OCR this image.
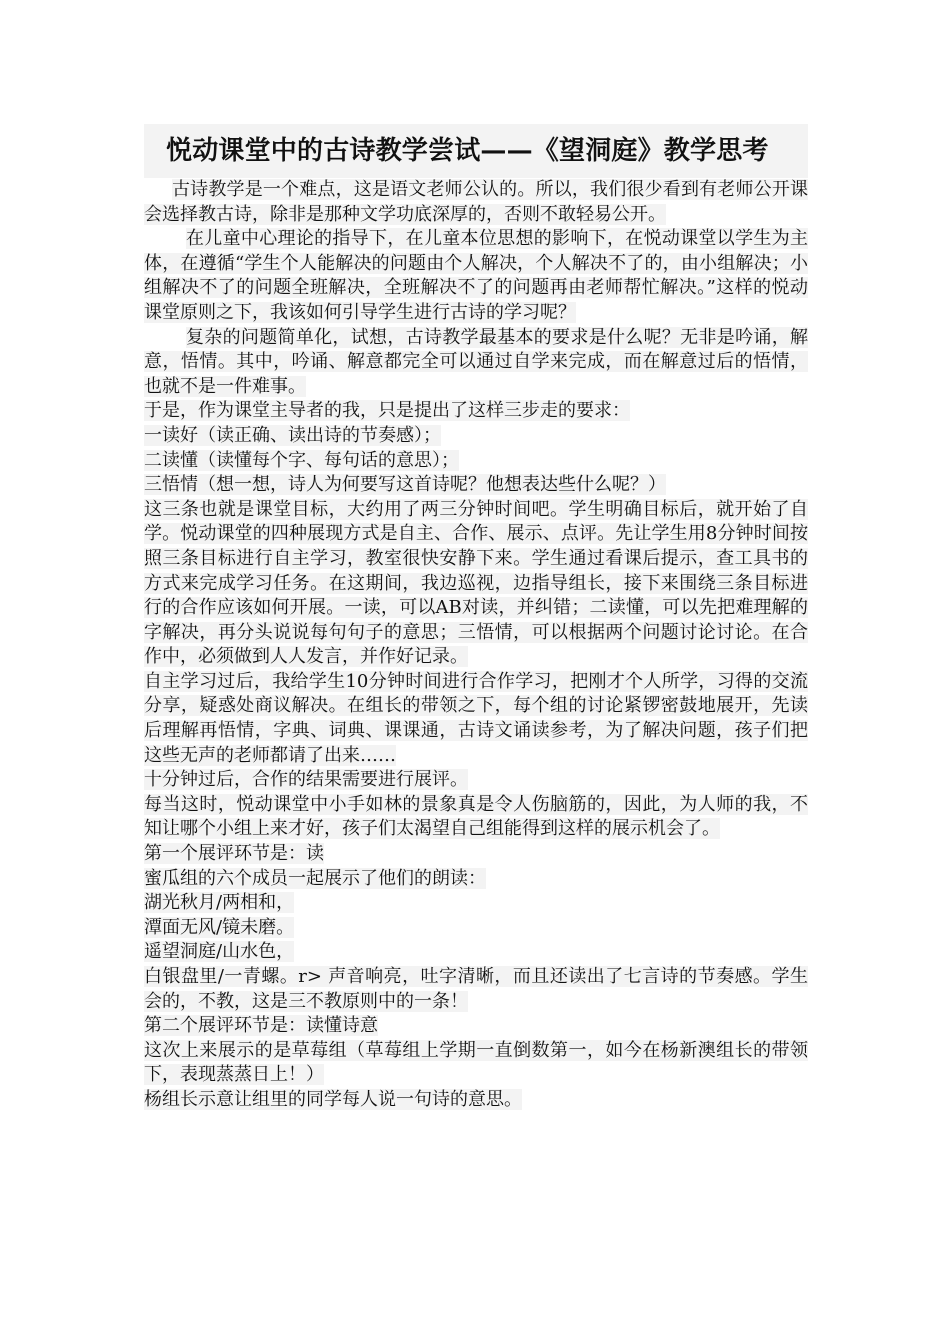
悦动课堂中的古诗教学尝试——《望洞庭》教学思考

古诗教学是一个难点，这是语文老师公认的。所以，我们很少看到有老师公开课会选择教古诗，除非是那种文学功底深厚的，否则不敢轻易公开。

在儿童中心理论的指导下，在儿童本位思想的影响下，在悦动课堂以学生为主体，在遵循“学生个人能解决的问题由个人解决，个人解决不了的，由小组解决；小组解决不了的问题全班解决，全班解决不了的问题再由老师帮忙解决。”这样的悦动课堂原则之下，我该如何引导学生进行古诗的学习呢？

复杂的问题简单化，试想，古诗教学最基本的要求是什么呢？无非是吟诵，解意，悟情。其中，吟诵、解意都完全可以通过自学来完成，而在解意过后的悟情，也就不是一件难事。

于是，作为课堂主导者的我，只是提出了这样三步走的要求：

一读好（读正确、读出诗的节奏感）；

二读懂（读懂每个字、每句话的意思）；

三悟情（想一想，诗人为何要写这首诗呢？他想表达些什么呢？）

这三条也就是课堂目标，大约用了两三分钟时间吧。学生明确目标后，就开始了自学。悦动课堂的四种展现方式是自主、合作、展示、点评。先让学生用8分钟时间按照三条目标进行自主学习，教室很快安静下来。学生通过看课后提示，查工具书的方式来完成学习任务。在这期间，我边巡视，边指导组长，接下来围绕三条目标进行的合作应该如何开展。一读，可以AB对读，并纠错；二读懂，可以先把难理解的字解决，再分头说说每句句子的意思；三悟情，可以根据两个问题讨论讨论。在合作中，必须做到人人发言，并作好记录。

自主学习过后，我给学生10分钟时间进行合作学习，把刚才个人所学，习得的交流分享，疑惑处商议解决。在组长的带领之下，每个组的讨论紧锣密鼓地展开，先读后理解再悟情，字典、词典、课课通，古诗文诵读参考，为了解决问题，孩子们把这些无声的老师都请了出来……

十分钟过后，合作的结果需要进行展评。

每当这时，悦动课堂中小手如林的景象真是令人伤脑筋的，因此，为人师的我，不知让哪个小组上来才好，孩子们太渴望自己组能得到这样的展示机会了。

第一个展评环节是：读

蜜瓜组的六个成员一起展示了他们的朗读：

湖光秋月/两相和，

潭面无风/镜未磨。

遥望洞庭/山水色，

白银盘里/一青螺。r> 声音响亮，吐字清晰，而且还读出了七言诗的节奏感。学生会的，不教，这是三不教原则中的一条！

第二个展评环节是：读懂诗意

这次上来展示的是草莓组（草莓组上学期一直倒数第一，如今在杨新澳组长的带领下，表现蒸蒸日上！）

杨组长示意让组里的同学每人说一句诗的意思。
